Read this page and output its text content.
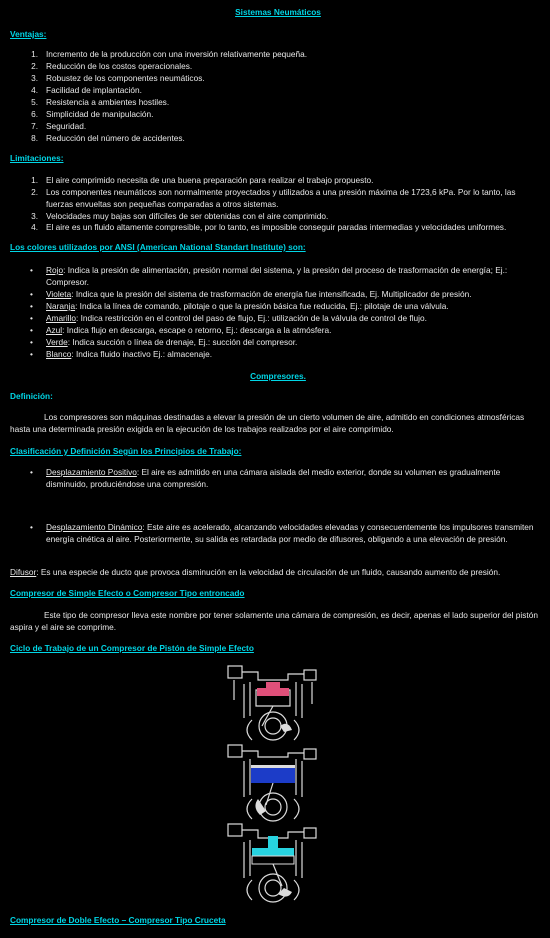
Sistemas Neumáticos
Ventajas:
1. Incremento de la producción con una inversión relativamente pequeña.
2. Reducción de los costos operacionales.
3. Robustez de los componentes neumáticos.
4. Facilidad de implantación.
5. Resistencia a ambientes hostiles.
6. Simplicidad de manipulación.
7. Seguridad.
8. Reducción del número de accidentes.
Limitaciones:
1. El aire comprimido necesita de una buena preparación para realizar el trabajo propuesto.
2. Los componentes neumáticos son normalmente proyectados y utilizados a una presión máxima de 1723,6 kPa. Por lo tanto, las fuerzas envueltas son pequeñas comparadas a otros sistemas.
3. Velocidades muy bajas son difíciles de ser obtenidas con el aire comprimido.
4. El aire es un fluido altamente compresible, por lo tanto, es imposible conseguir paradas intermedias y velocidades uniformes.
Los colores utilizados por ANSI (American National Standart Institute) son:
• Rojo: Indica la presión de alimentación, presión normal del sistema, y la presión del proceso de trasformación de energía; Ej.: Compresor.
• Violeta: Indica que la presión del sistema de trasformación de energía fue intensificada, Ej. Multiplicador de presión.
• Naranja: Indica la línea de comando, pilotaje o que la presión básica fue reducida, Ej.: pilotaje de una válvula.
• Amarillo: Indica restricción en el control del paso de flujo, Ej.: utilización de la válvula de control de flujo.
• Azul: Indica flujo en descarga, escape o retorno, Ej.: descarga a la atmósfera.
• Verde: Indica succión o línea de drenaje, Ej.: succión del compresor.
• Blanco: Indica fluido inactivo Ej.: almacenaje.
Compresores.
Definición:
Los compresores son máquinas destinadas a elevar la presión de un cierto volumen de aire, admitido en condiciones atmosféricas hasta una determinada presión exigida en la ejecución de los trabajos realizados por el aire comprimido.
Clasificación y Definición Según los Principios de Trabajo:
• Desplazamiento Positivo: El aire es admitido en una cámara aislada del medio exterior, donde su volumen es gradualmente disminuido, produciéndose una compresión.
• Desplazamiento Dinámico: Este aire es acelerado, alcanzando velocidades elevadas y consecuentemente los impulsores transmiten energía cinética al aire. Posteriormente, su salida es retardada por medio de difusores, obligando a una elevación de presión.
Difusor: Es una especie de ducto que provoca disminución en la velocidad de circulación de un fluido, causando aumento de presión.
Compresor de Simple Efecto o Compresor Tipo entroncado
Este tipo de compresor lleva este nombre por tener solamente una cámara de compresión, es decir, apenas el lado superior del pistón aspira y el aire se comprime.
Ciclo de Trabajo de un Compresor de Pistón de Simple Efecto
Compresor de Doble Efecto – Compresor Tipo Cruceta
